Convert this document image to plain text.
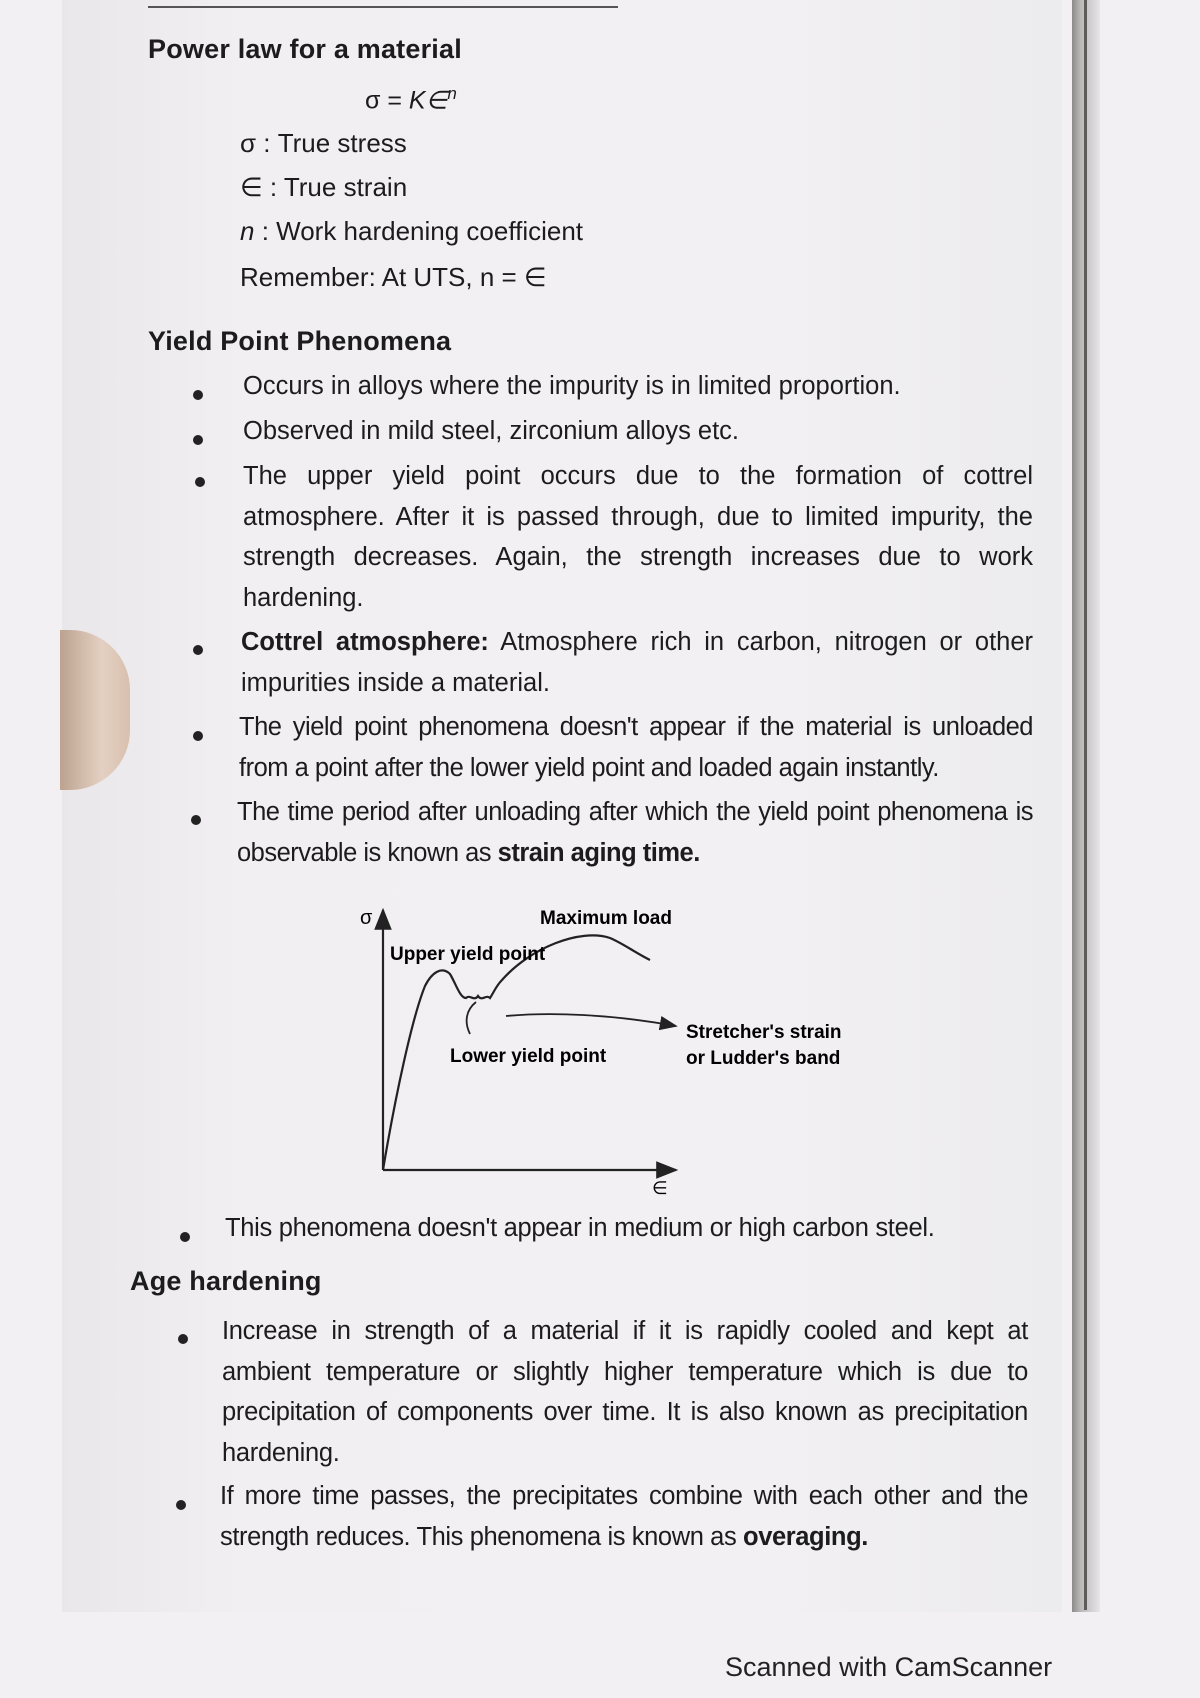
Power law for a material
σ = K∈$^n$
σ : True stress
∈ : True strain
n : Work hardening coefficient
Remember: At UTS, n = ∈
Yield Point Phenomena
Occurs in alloys where the impurity is in limited proportion.
Observed in mild steel, zirconium alloys etc.
The upper yield point occurs due to the formation of cottrel atmosphere. After it is passed through, due to limited impurity, the strength decreases. Again, the strength increases due to work hardening.
Cottrel atmosphere: Atmosphere rich in carbon, nitrogen or other impurities inside a material.
The yield point phenomena doesn't appear if the material is unloaded from a point after the lower yield point and loaded again instantly.
The time period after unloading after which the yield point phenomena is observable is known as strain aging time.
σ
∈
Upper yield point
Maximum load
Lower yield point
Stretcher's strain
or Ludder's band
This phenomena doesn't appear in medium or high carbon steel.
Age hardening
Increase in strength of a material if it is rapidly cooled and kept at ambient temperature or slightly higher temperature which is due to precipitation of components over time. It is also known as precipitation hardening.
If more time passes, the precipitates combine with each other and the strength reduces. This phenomena is known as overaging.
Scanned with CamScanner
